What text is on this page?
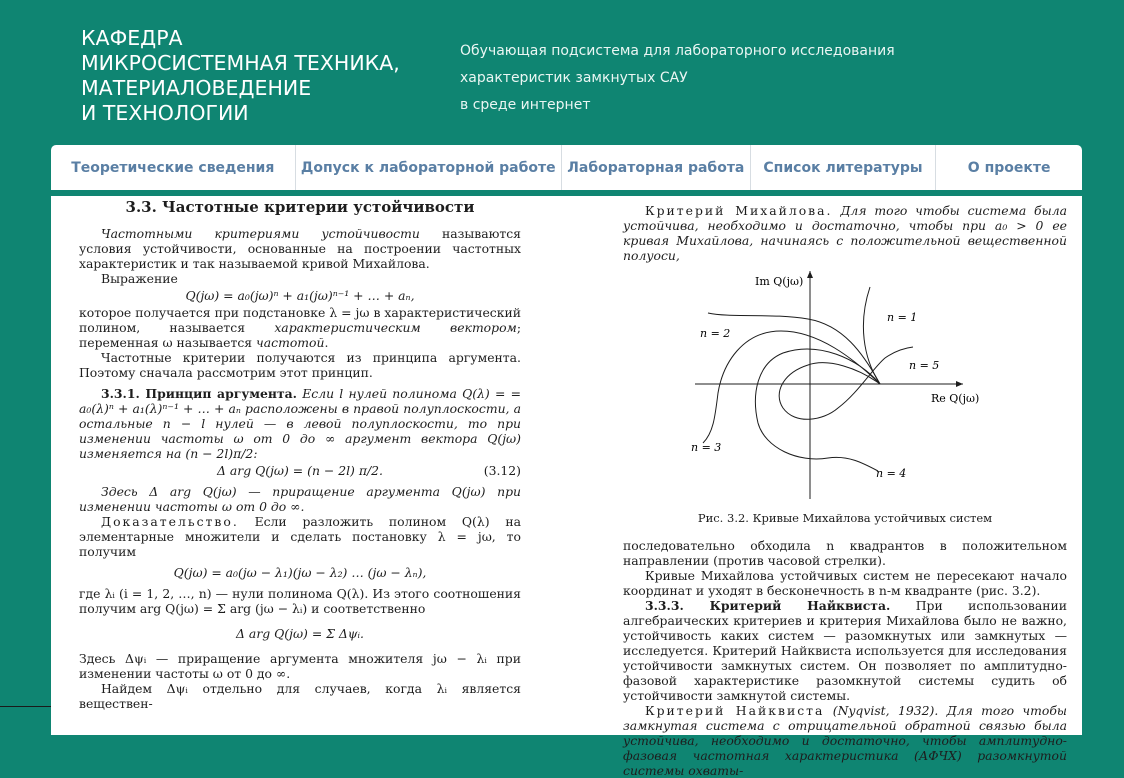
КАФЕДРА
МИКРОСИСТЕМНАЯ ТЕХНИКА,
МАТЕРИАЛОВЕДЕНИЕ
И ТЕХНОЛОГИИ
Обучающая подсистема для лабораторного исследования
характеристик замкнутых САУ
в среде интернет
Теоретические сведения	Допуск к лабораторной работе Лабораторная работа	Список литературы	О проекте
3.3. Частотные критерии устойчивости
Частотными критериями устойчивости называются условия устойчивости, основанные на построении частотных характеристик и так называемой кривой Михайлова.
Выражение
Q(jω) = a₀(jω)ⁿ + a₁(jω)ⁿ⁻¹ + … + aₙ,
которое получается при подстановке λ = jω в характеристический полином, называется характеристическим вектором; переменная ω называется частотой.
Частотные критерии получаются из принципа аргумента. Поэтому сначала рассмотрим этот принцип.
3.3.1. Принцип аргумента. Если l нулей полинома Q(λ) = = a₀(λ)ⁿ + a₁(λ)ⁿ⁻¹ + … + aₙ расположены в правой полуплоскости, а остальные n − l нулей — в левой полуплоскости, то при изменении частоты ω от 0 до ∞ аргумент вектора Q(jω) изменяется на (n − 2l)π/2:
Δ arg Q(jω) = (n − 2l) π/2.	(3.12)
Здесь Δ arg Q(jω) — приращение аргумента Q(jω) при изменении частоты ω от 0 до ∞.
Доказательство. Если разложить полином Q(λ) на элементарные множители и сделать постановку λ = jω, то получим
Q(jω) = a₀(jω − λ₁)(jω − λ₂) … (jω − λₙ),
где λᵢ (i = 1, 2, …, n) — нули полинома Q(λ). Из этого соотношения получим arg Q(jω) = Σ arg (jω − λᵢ) и соответственно
Δ arg Q(jω) = Σ Δψᵢ.
Здесь Δψᵢ — приращение аргумента множителя jω − λᵢ при изменении частоты ω от 0 до ∞.
Найдем Δψᵢ отдельно для случаев, когда λᵢ является веществен-
Критерий Михайлова. Для того чтобы система была устойчива, необходимо и достаточно, чтобы при a₀ > 0 ее кривая Михайлова, начинаясь с положительной вещественной полуоси,
Im Q(jω)
Re Q(jω)
n = 1
n = 2
n = 3
n = 4
n = 5
Рис. 3.2. Кривые Михайлова устойчивых систем
последовательно обходила n квадрантов в положительном направлении (против часовой стрелки).
Кривые Михайлова устойчивых систем не пересекают начало координат и уходят в бесконечность в n-м квадранте (рис. 3.2).
3.3.3. Критерий Найквиста. При использовании алгебраических критериев и критерия Михайлова было не важно, устойчивость каких систем — разомкнутых или замкнутых — исследуется. Критерий Найквиста используется для исследования устойчивости замкнутых систем. Он позволяет по амплитудно-фазовой характеристике разомкнутой системы судить об устойчивости замкнутой системы.
Критерий Найквиста (Nyqvist, 1932). Для того чтобы замкнутая система с отрицательной обратной связью была устойчива, необходимо и достаточно, чтобы амплитудно-фазовая частотная характеристика (АФЧХ) разомкнутой системы охваты-
